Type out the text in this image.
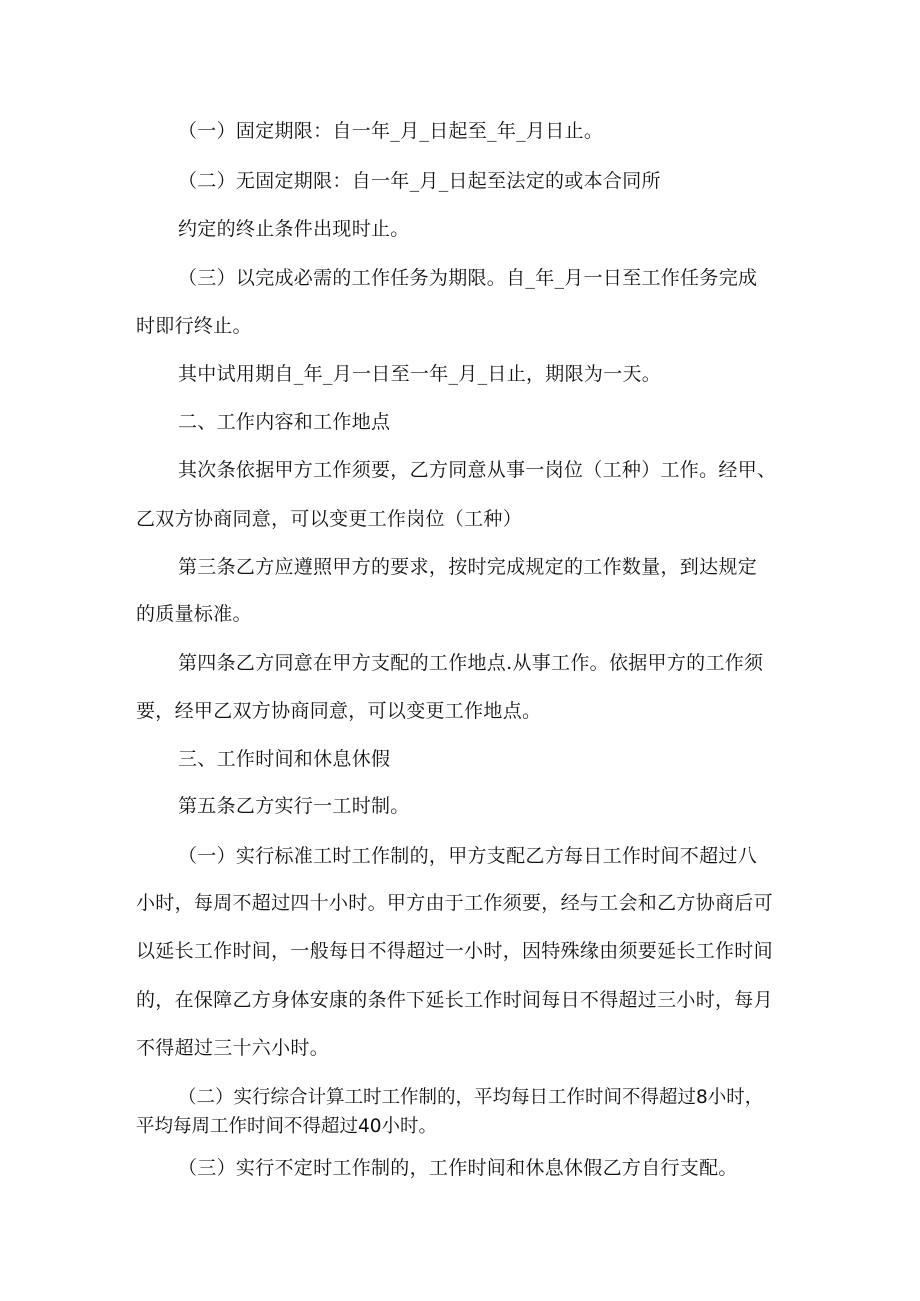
（一）固定期限：自一年_月_日起至_年_月日止。
（二）无固定期限：自一年_月_日起至法定的或本合同所
约定的终止条件出现时止。
（三）以完成必需的工作任务为期限。自_年_月一日至工作任务完成
时即行终止。
其中试用期自_年_月一日至一年_月_日止，期限为一天。
二、工作内容和工作地点
其次条依据甲方工作须要，乙方同意从事一岗位（工种）工作。经甲、
乙双方协商同意，可以变更工作岗位（工种）
第三条乙方应遵照甲方的要求，按时完成规定的工作数量，到达规定
的质量标准。
第四条乙方同意在甲方支配的工作地点.从事工作。依据甲方的工作须
要，经甲乙双方协商同意，可以变更工作地点。
三、工作时间和休息休假
第五条乙方实行一工时制。
（一）实行标准工时工作制的，甲方支配乙方每日工作时间不超过八
小时，每周不超过四十小时。甲方由于工作须要，经与工会和乙方协商后可
以延长工作时间，一般每日不得超过一小时，因特殊缘由须要延长工作时间
的，在保障乙方身体安康的条件下延长工作时间每日不得超过三小时，每月
不得超过三十六小时。
（二）实行综合计算工时工作制的，平均每日工作时间不得超过8小时，
平均每周工作时间不得超过40小时。
（三）实行不定时工作制的，工作时间和休息休假乙方自行支配。
